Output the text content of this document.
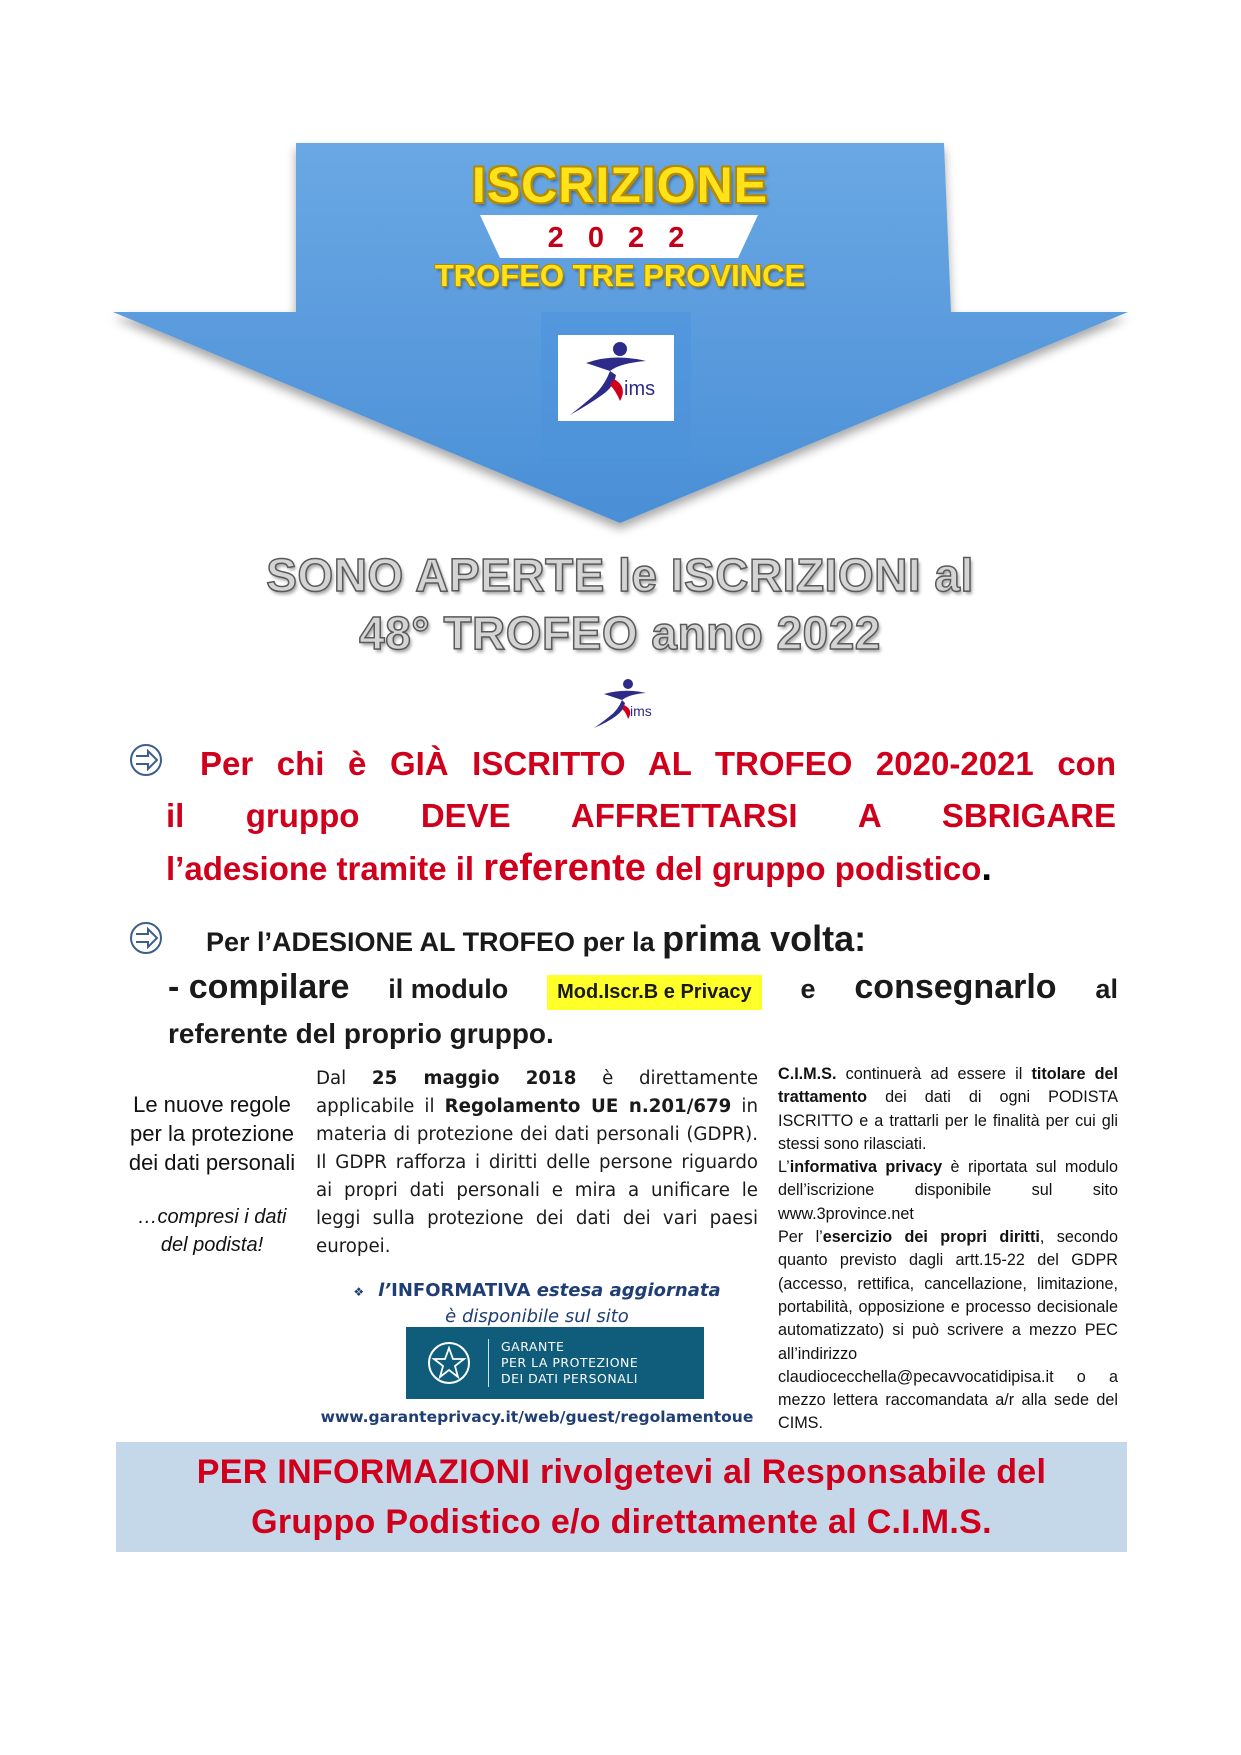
ISCRIZIONE
2 0 2 2
TROFEO TRE PROVINCE
ims
SONO APERTE le ISCRIZIONI al
48° TROFEO anno 2022
ims
Per chi è GIÀ ISCRITTO AL TROFEO 2020-2021 con
il gruppo DEVE AFFRETTARSI A SBRIGARE
l’adesione tramite il referente del gruppo podistico.
Per l’ADESIONE AL TROFEO per la prima volta:
- compilare il modulo	Mod.Iscr.B e Privacy	e consegnarlo al
referente del proprio gruppo.
Le nuove regole per la protezione dei dati personali
…compresi i dati del podista!
Dal 25 maggio 2018 è direttamente applicabile il Regolamento UE n.201/679 in materia di protezione dei dati personali (GDPR). Il GDPR rafforza i diritti delle persone riguardo ai propri dati personali e mira a unificare le leggi sulla protezione dei dati dei vari paesi europei.
❖ l’INFORMATIVA estesa aggiornata
è disponibile sul sito
GARANTE
PER LA PROTEZIONE
DEI DATI PERSONALI
www.garanteprivacy.it/web/guest/regolamentoue
C.I.M.S. continuerà ad essere il titolare del trattamento dei dati di ogni PODISTA ISCRITTO e a trattarli per le finalità per cui gli stessi sono rilasciati.
L’informativa privacy è riportata sul modulo dell’iscrizione disponibile sul sito www.3province.net
Per l’esercizio dei propri diritti, secondo quanto previsto dagli artt.15-22 del GDPR (accesso, rettifica, cancellazione, limitazione, portabilità, opposizione e processo decisionale automatizzato) si può scrivere a mezzo PEC all’indirizzo claudiocecchella@pecavvocatidipisa.it o a mezzo lettera raccomandata a/r alla sede del CIMS.
PER INFORMAZIONI rivolgetevi al Responsabile del
Gruppo Podistico e/o direttamente al C.I.M.S.
